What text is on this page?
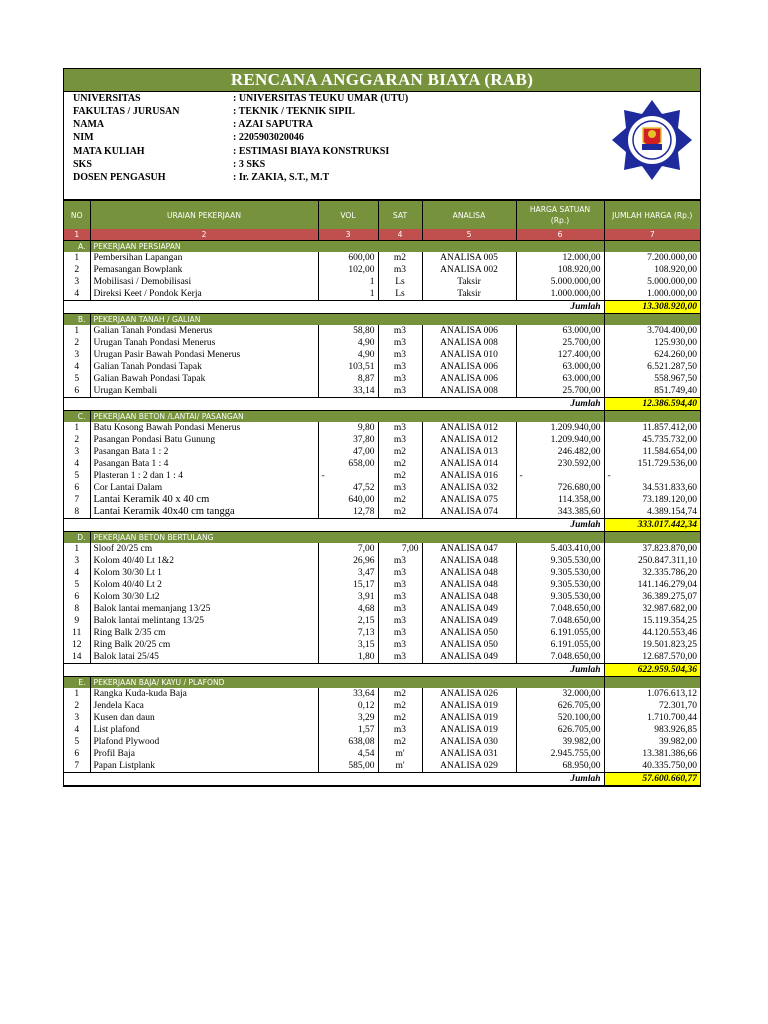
RENCANA ANGGARAN BIAYA (RAB)
UNIVERSITAS	: UNIVERSITAS TEUKU UMAR (UTU)
FAKULTAS / JURUSAN	: TEKNIK / TEKNIK SIPIL
NAMA	: AZAI SAPUTRA
NIM	: 2205903020046
MATA KULIAH	: ESTIMASI BIAYA KONSTRUKSI
SKS	: 3 SKS
DOSEN PENGASUH	: Ir. ZAKIA, S.T., M.T
NO	URAIAN PEKERJAAN	VOL	SAT	ANALISA	HARGA SATUAN (Rp.)	JUMLAH HARGA (Rp.)
1	2	3	4	5	6	7
A.	PEKERJAAN PERSIAPAN					
1	Pembersihan Lapangan	600,00	m2	ANALISA 005	12.000,00	7.200.000,00
2	Pemasangan Bowplank	102,00	m3	ANALISA 002	108.920,00	108.920,00
3	Mobilisasi / Demobilisasi	1	Ls	Taksir	5.000.000,00	5.000.000,00
4	Direksi Keet / Pondok Kerja	1	Ls	Taksir	1.000.000,00	1.000.000,00
					Jumlah	13.308.920,00
B.	PEKERJAAN TANAH / GALIAN					
1	Galian Tanah Pondasi Menerus	58,80	m3	ANALISA 006	63.000,00	3.704.400,00
2	Urugan Tanah Pondasi Menerus	4,90	m3	ANALISA 008	25.700,00	125.930,00
3	Urugan Pasir Bawah Pondasi Menerus	4,90	m3	ANALISA 010	127.400,00	624.260,00
4	Galian Tanah Pondasi Tapak	103,51	m3	ANALISA 006	63.000,00	6.521.287,50
5	Galian Bawah Pondasi Tapak	8,87	m3	ANALISA 006	63.000,00	558.967,50
6	Urugan Kembali	33,14	m3	ANALISA 008	25.700,00	851.749,40
					Jumlah	12.386.594,40
C.	PEKERJAAN BETON /LANTAI/ PASANGAN					
1	Batu Kosong Bawah Pondasi Menerus	9,80	m3	ANALISA 012	1.209.940,00	11.857.412,00
2	Pasangan Pondasi Batu Gunung	37,80	m3	ANALISA 012	1.209.940,00	45.735.732,00
3	Pasangan Bata 1 : 2	47,00	m2	ANALISA 013	246.482,00	11.584.654,00
4	Pasangan Bata 1 : 4	658,00	m2	ANALISA 014	230.592,00	151.729.536,00
5	Plasteran 1 : 2 dan 1 : 4	-	m2	ANALISA 016	-	-
6	Cor Lantai Dalam	47,52	m3	ANALISA 032	726.680,00	34.531.833,60
7	Lantai Keramik 40 x 40 cm	640,00	m2	ANALISA 075	114.358,00	73.189.120,00
8	Lantai Keramik 40x40 cm tangga	12,78	m2	ANALISA 074	343.385,60	4.389.154,74
					Jumlah	333.017.442,34
D.	PEKERJAAN BETON BERTULANG					
1	Sloof 20/25 cm	7,00	7,00	ANALISA 047	5.403.410,00	37.823.870,00
3	Kolom 40/40 Lt 1&2	26,96	m3	ANALISA 048	9.305.530,00	250.847.311,10
4	Kolom 30/30 Lt 1	3,47	m3	ANALISA 048	9.305.530,00	32.335.786,20
5	Kolom 40/40 Lt 2	15,17	m3	ANALISA 048	9.305.530,00	141.146.279,04
6	Kolom 30/30 Lt2	3,91	m3	ANALISA 048	9.305.530,00	36.389.275,07
8	Balok lantai memanjang 13/25	4,68	m3	ANALISA 049	7.048.650,00	32.987.682,00
9	Balok lantai melintang 13/25	2,15	m3	ANALISA 049	7.048.650,00	15.119.354,25
11	Ring Balk 2/35 cm	7,13	m3	ANALISA 050	6.191.055,00	44.120.553,46
12	Ring Balk 20/25 cm	3,15	m3	ANALISA 050	6.191.055,00	19.501.823,25
14	Balok latai 25/45	1,80	m3	ANALISA 049	7.048.650,00	12.687.570,00
					Jumlah	622.959.504,36
E.	PEKERJAAN BAJA/ KAYU / PLAFOND					
1	Rangka Kuda-kuda Baja	33,64	m2	ANALISA 026	32.000,00	1.076.613,12
2	Jendela Kaca	0,12	m2	ANALISA 019	626.705,00	72.301,70
3	Kusen dan daun	3,29	m2	ANALISA 019	520.100,00	1.710.700,44
4	List plafond	1,57	m3	ANALISA 019	626.705,00	983.926,85
5	Plafond Plywood	638,08	m2	ANALISA 030	39.982,00	39.982,00
6	Profil Baja	4,54	m'	ANALISA 031	2.945.755,00	13.381.386,66
7	Papan Listplank	585,00	m'	ANALISA 029	68.950,00	40.335.750,00
					Jumlah	57.600.660,77
